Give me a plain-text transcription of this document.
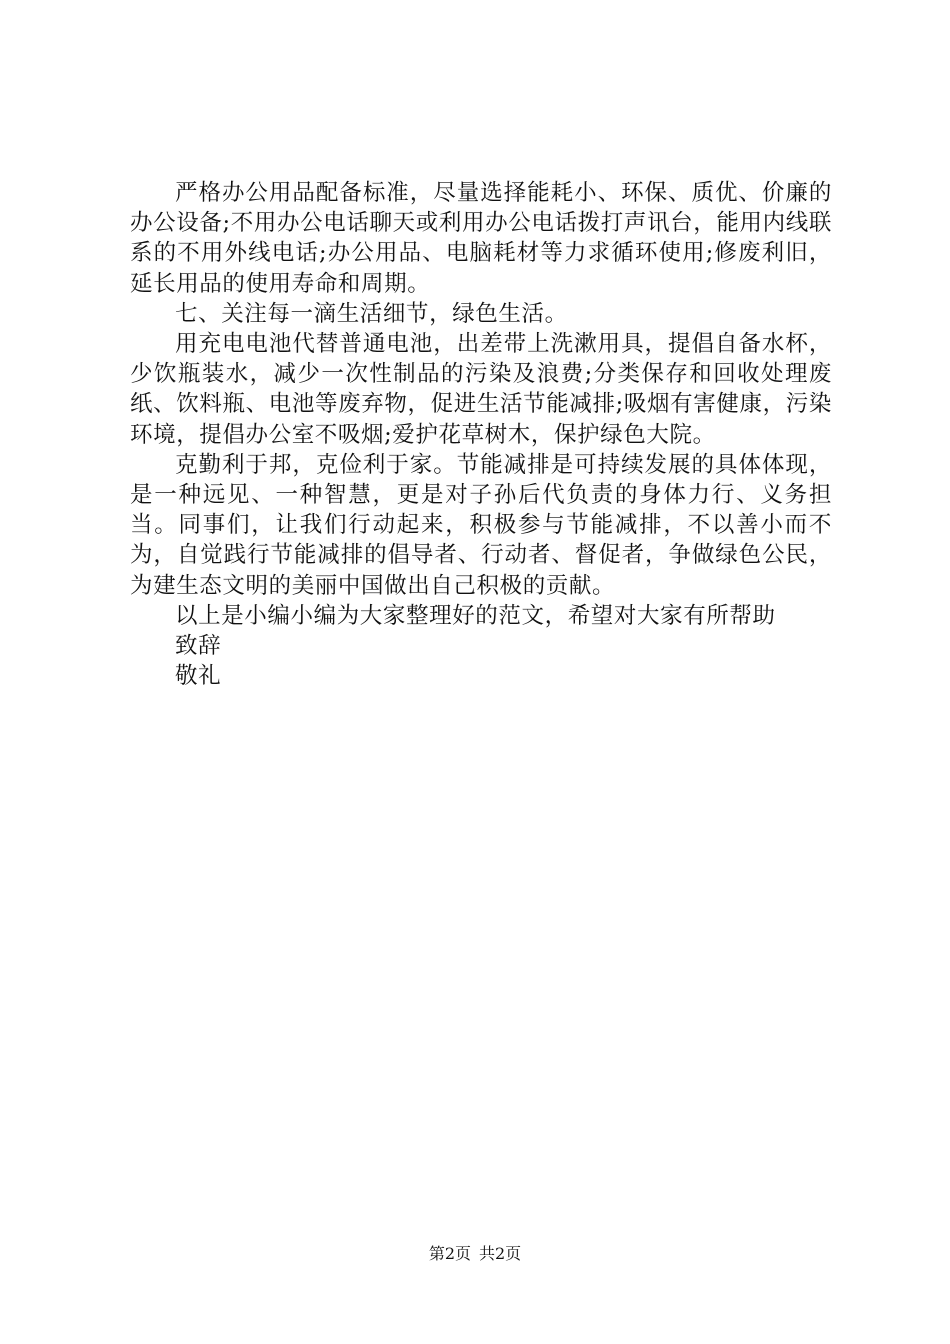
严格办公用品配备标准，尽量选择能耗小、环保、质优、价廉的办公设备;不用办公电话聊天或利用办公电话拨打声讯台，能用内线联系的不用外线电话;办公用品、电脑耗材等力求循环使用;修废利旧，延长用品的使用寿命和周期。

七、关注每一滴生活细节，绿色生活。

用充电电池代替普通电池，出差带上洗漱用具，提倡自备水杯，少饮瓶装水，减少一次性制品的污染及浪费;分类保存和回收处理废纸、饮料瓶、电池等废弃物，促进生活节能减排;吸烟有害健康，污染环境，提倡办公室不吸烟;爱护花草树木，保护绿色大院。

克勤利于邦，克俭利于家。节能减排是可持续发展的具体体现，是一种远见、一种智慧，更是对子孙后代负责的身体力行、义务担当。同事们，让我们行动起来，积极参与节能减排，不以善小而不为，自觉践行节能减排的倡导者、行动者、督促者，争做绿色公民，为建生态文明的美丽中国做出自己积极的贡献。

以上是小编小编为大家整理好的范文，希望对大家有所帮助

致辞

敬礼

第2页 共2页
